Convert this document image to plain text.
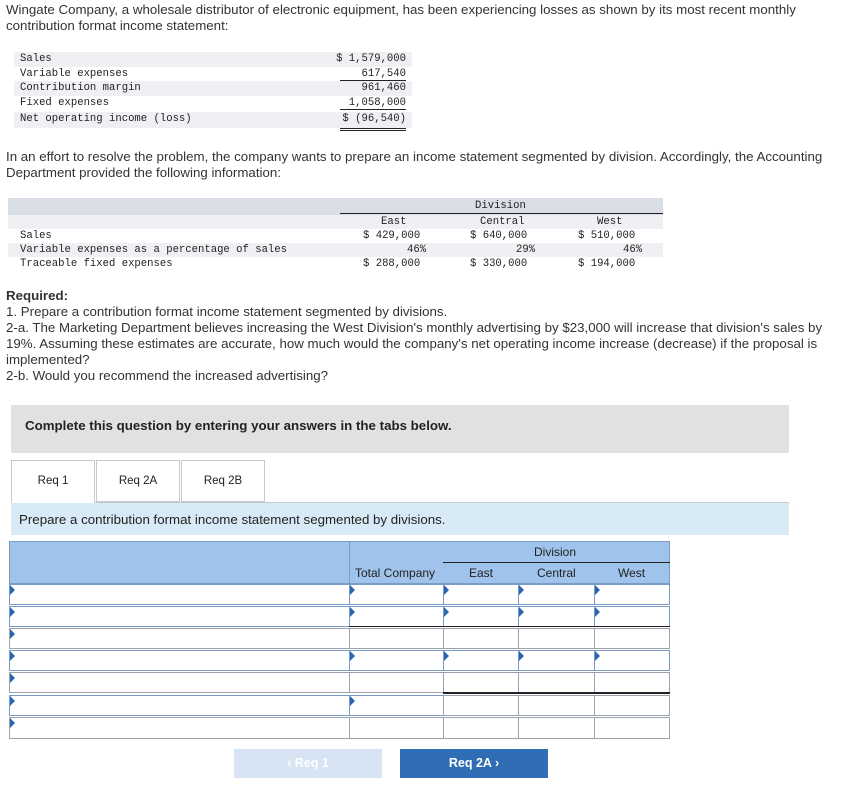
Wingate Company, a wholesale distributor of electronic equipment, has been experiencing losses as shown by its most recent monthly contribution format income statement:
Sales	$ 1,579,000
Variable expenses	617,540
Contribution margin	961,460
Fixed expenses	1,058,000
Net operating income (loss)	$ (96,540)
In an effort to resolve the problem, the company wants to prepare an income statement segmented by division. Accordingly, the Accounting Department provided the following information:
Division
East	Central	West
Sales	$ 429,000	$ 640,000	$ 510,000
Variable expenses as a percentage of sales	46%	29%	46%
Traceable fixed expenses	$ 288,000	$ 330,000	$ 194,000
Required:
1. Prepare a contribution format income statement segmented by divisions.
2-a. The Marketing Department believes increasing the West Division's monthly advertising by $23,000 will increase that division's sales by 19%. Assuming these estimates are accurate, how much would the company's net operating income increase (decrease) if the proposal is implemented?
2-b. Would you recommend the increased advertising?
Complete this question by entering your answers in the tabs below.
Req 1	Req 2A	Req 2B
Prepare a contribution format income statement segmented by divisions.
Division
Total Company	East	Central	West
‹ Req 1	Req 2A ›
